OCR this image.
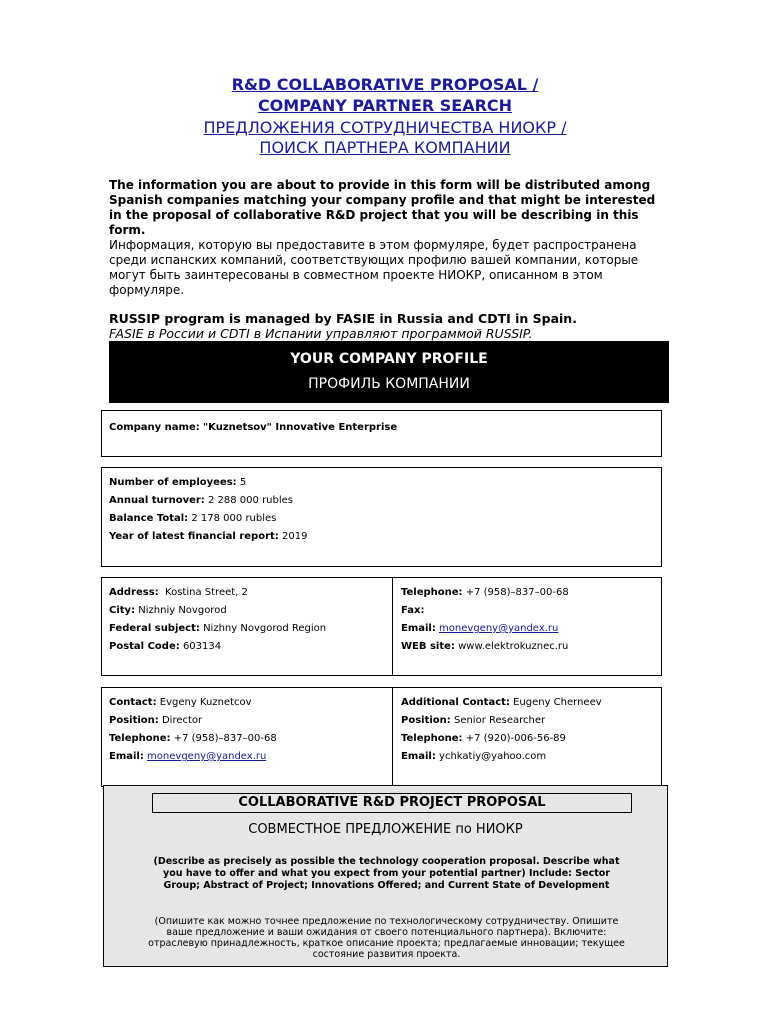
R&D COLLABORATIVE PROPOSAL /
COMPANY PARTNER SEARCH
ПРЕДЛОЖЕНИЯ СОТРУДНИЧЕСТВА НИОКР /
ПОИСК ПАРТНЕРА КОМПАНИИ
The information you are about to provide in this form will be distributed among Spanish companies matching your company profile and that might be interested in the proposal of collaborative R&D project that you will be describing in this form.
Информация, которую вы предоставите в этом формуляре, будет распространена среди испанских компаний, соответствующих профилю вашей компании, которые могут быть заинтересованы в совместном проекте НИОКР, описанном в этом формуляре.
RUSSIP program is managed by FASIE in Russia and CDTI in Spain.
FASIE в России и CDTI в Испании управляют программой RUSSIP.
YOUR COMPANY PROFILE
ПРОФИЛЬ КОМПАНИИ
Company name: "Kuznetsov" Innovative Enterprise
Number of employees: 5
Annual turnover: 2 288 000 rubles
Balance Total: 2 178 000 rubles
Year of latest financial report: 2019
Address: Kostina Street, 2
City: Nizhniy Novgorod
Federal subject: Nizhny Novgorod Region
Postal Code: 603134
Telephone: +7 (958)–837–00-68
Fax:
Email: monevgeny@yandex.ru
WEB site: www.elektrokuznec.ru
Contact: Evgeny Kuznetcov
Position: Director
Telephone: +7 (958)–837–00-68
Email: monevgeny@yandex.ru
Additional Contact: Eugeny Cherneev
Position: Senior Researcher
Telephone: +7 (920)-006-56-89
Email: ychkatiy@yahoo.com
COLLABORATIVE R&D PROJECT PROPOSAL
СОВМЕСТНОЕ ПРЕДЛОЖЕНИЕ по НИОКР
(Describe as precisely as possible the technology cooperation proposal. Describe what you have to offer and what you expect from your potential partner) Include: Sector Group; Abstract of Project; Innovations Offered; and Current State of Development
(Опишите как можно точнее предложение по технологическому сотрудничеству. Опишите ваше предложение и ваши ожидания от своего потенциального партнера). Включите: отраслевую принадлежность, краткое описание проекта; предлагаемые инновации; текущее состояние развития проекта.
